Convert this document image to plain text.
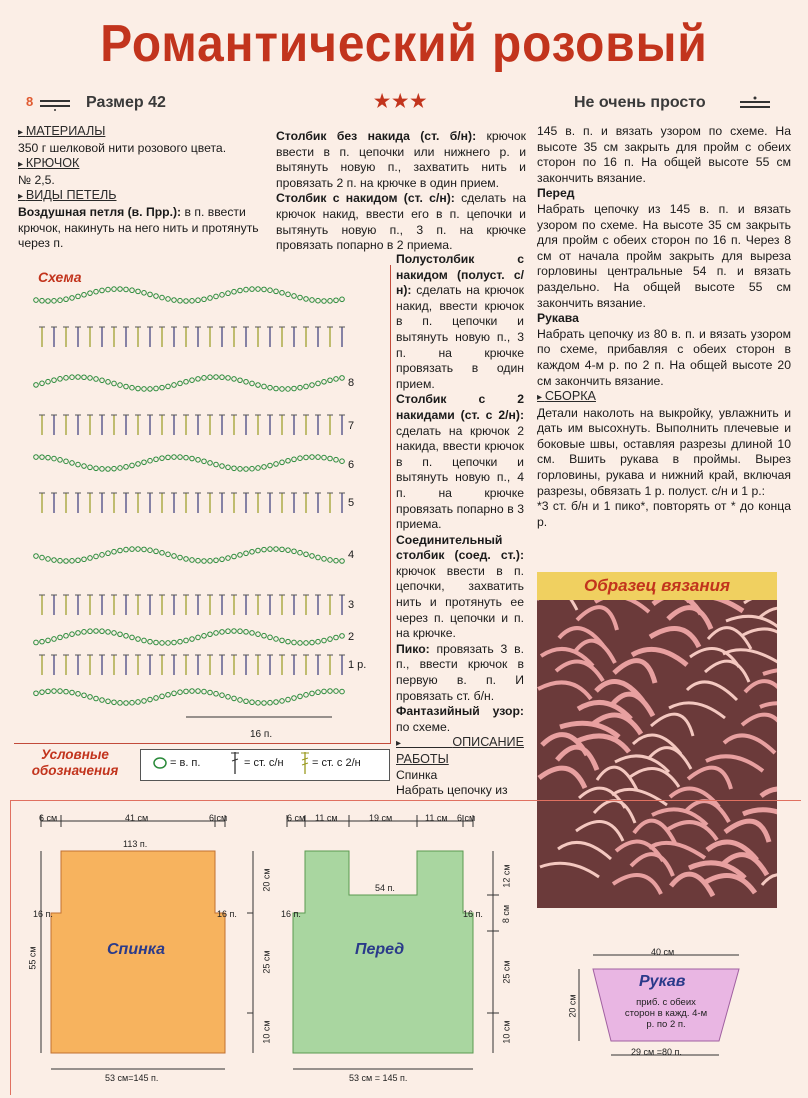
Романтический розовый
8	Размер 42	★★★	Не очень просто
▸ МАТЕРИАЛЫ
350 г шелковой нити розового цвета.
▸ КРЮЧОК
№ 2,5.
▸ ВИДЫ ПЕТЕЛЬ
Воздушная петля (в. Прр.): в п. ввести крючок, накинуть на него нить и протянуть через п.
Столбик без накида (ст. б/н): крючок ввести в п. цепочки или нижнего р. и вытянуть новую п., захватить нить и провязать 2 п. на крючке в один прием.
Столбик с накидом (ст. с/н): сделать на крючок накид, ввести его в п. цепочки и вытянуть новую п., 3 п. на крючке провязать попарно в 2 приема.
Полустолбик с накидом (полуст. с/н): сделать на крючок накид, ввести крючок в п. цепочки и вытянуть новую п., 3 п. на крючке провязать в один прием.
Столбик с 2 накидами (ст. с 2/н): сделать на крючок 2 накида, ввести крючок в п. цепочки и вытянуть новую п., 4 п. на крючке провязать попарно в 3 приема.
Соединительный столбик (соед. ст.): крючок ввести в п. цепочки, захватить нить и протянуть ее через п. цепочки и п. на крючке.
Пико: провязать 3 в. п., ввести крючок в первую в. п. И провязать ст. б/н.
Фантазийный узор: по схеме.
▸ ОПИСАНИЕ РАБОТЫ
Спинка
Набрать цепочку из
145 в. п. и вязать узором по схеме. На высоте 35 см закрыть для пройм с обеих сторон по 16 п. На общей высоте 55 см закончить вязание.
Перед
Набрать цепочку из 145 в. п. и вязать узором по схеме. На высоте 35 см закрыть для пройм с обеих сторон по 16 п. Через 8 см от начала пройм закрыть для выреза горловины центральные 54 п. и вязать раздельно. На общей высоте 55 см закончить вязание.
Рукава
Набрать цепочку из 80 в. п. и вязать узором по схеме, прибавляя с обеих сторон в каждом 4-м р. по 2 п. На общей высоте 20 см закончить вязание.
▸ СБОРКА
Детали наколоть на выкройку, увлажнить и дать им высохнуть. Выполнить плечевые и боковые швы, оставляя разрезы длиной 10 см. Вшить рукава в проймы. Вырез горловины, рукава и нижний край, включая разрезы, обвязать 1 р. полуст. с/н и 1 р.:
*3 ст. б/н и 1 пико*, повторять от * до конца р.
Схема
8
7
6
5
4
3
2
1 р.
16 п.
Условные обозначения	= в. п.	= ст. с/н	= ст. с 2/н
Образец вязания
6 см	41 см	6 см
113 п.
16 п.	16 п.
55 см	Спинка
53 см=145 п.
6 см 11 см	19 см	11 см 6 см
54 п.
16 п.	16 п.
20 см
25 см
10 см
12 см
8 см
25 см
10 см
Перед
53 см = 145 п.
40 см
20 см
Рукав
приб. с обеих сторон в кажд. 4-м р. по 2 п.
29 см =80 п.
